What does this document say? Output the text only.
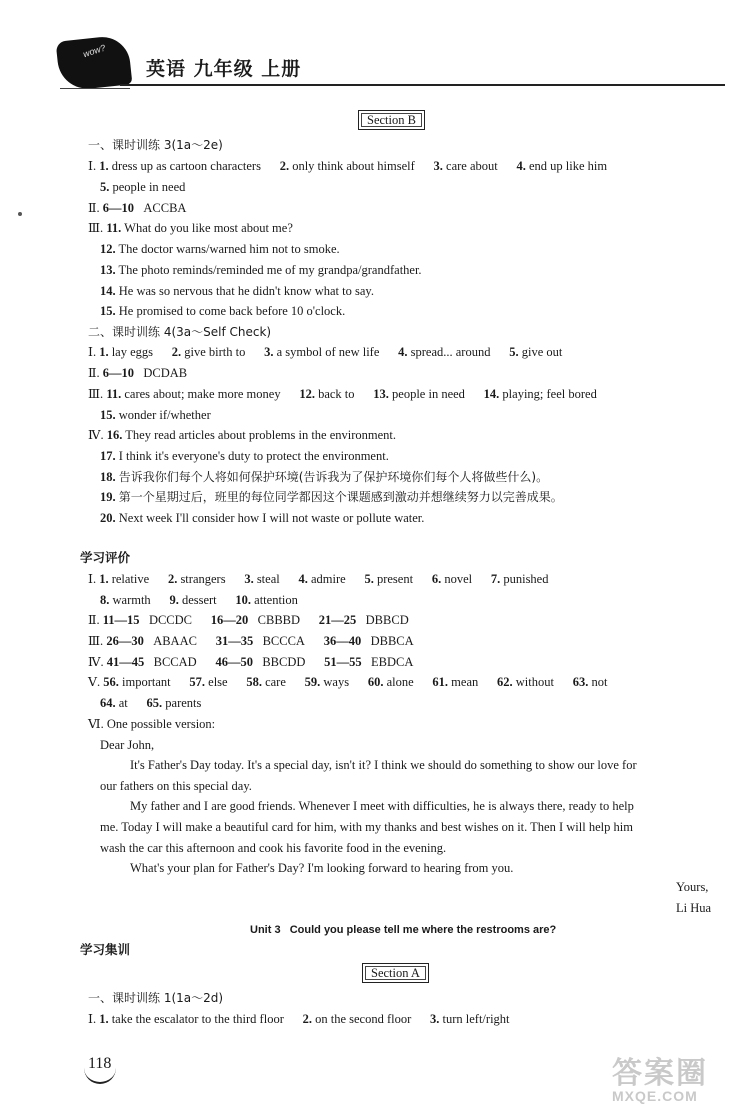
wow?
英语 九年级 上册
Section B
Section A
一、课时训练 3(1a～2e)
Ⅰ. 1. dress up as cartoon characters      2. only think about himself      3. care about      4. end up like him
5. people in need
Ⅱ. 6—10   ACCBA
Ⅲ. 11. What do you like most about me?
12. The doctor warns/warned him not to smoke.
13. The photo reminds/reminded me of my grandpa/grandfather.
14. He was so nervous that he didn't know what to say.
15. He promised to come back before 10 o'clock.
二、课时训练 4(3a～Self Check)
Ⅰ. 1. lay eggs      2. give birth to      3. a symbol of new life      4. spread... around      5. give out
Ⅱ. 6—10   DCDAB
Ⅲ. 11. cares about; make more money      12. back to      13. people in need      14. playing; feel bored
15. wonder if/whether
Ⅳ. 16. They read articles about problems in the environment.
17. I think it's everyone's duty to protect the environment.
18. 告诉我你们每个人将如何保护环境(告诉我为了保护环境你们每个人将做些什么)。
19. 第一个星期过后，班里的每位同学都因这个课题感到激动并想继续努力以完善成果。
20. Next week I'll consider how I will not waste or pollute water.
学习评价
Ⅰ. 1. relative      2. strangers      3. steal      4. admire      5. present      6. novel      7. punished
8. warmth      9. dessert      10. attention
Ⅱ. 11—15   DCCDC      16—20   CBBBD      21—25   DBBCD
Ⅲ. 26—30   ABAAC      31—35   BCCCA      36—40   DBBCA
Ⅳ. 41—45   BCCAD      46—50   BBCDD      51—55   EBDCA
Ⅴ. 56. important      57. else      58. care      59. ways      60. alone      61. mean      62. without      63. not
64. at      65. parents
Ⅵ. One possible version:
Dear John,
It's Father's Day today. It's a special day, isn't it? I think we should do something to show our love for
our fathers on this special day.
My father and I are good friends. Whenever I meet with difficulties, he is always there, ready to help
me. Today I will make a beautiful card for him, with my thanks and best wishes on it. Then I will help him
wash the car this afternoon and cook his favorite food in the evening.
What's your plan for Father's Day? I'm looking forward to hearing from you.
Yours,
Li Hua
Unit 3   Could you please tell me where the restrooms are?
学习集训
一、课时训练 1(1a～2d)
Ⅰ. 1. take the escalator to the third floor      2. on the second floor      3. turn left/right
118	答案圈
MXQE.COM
